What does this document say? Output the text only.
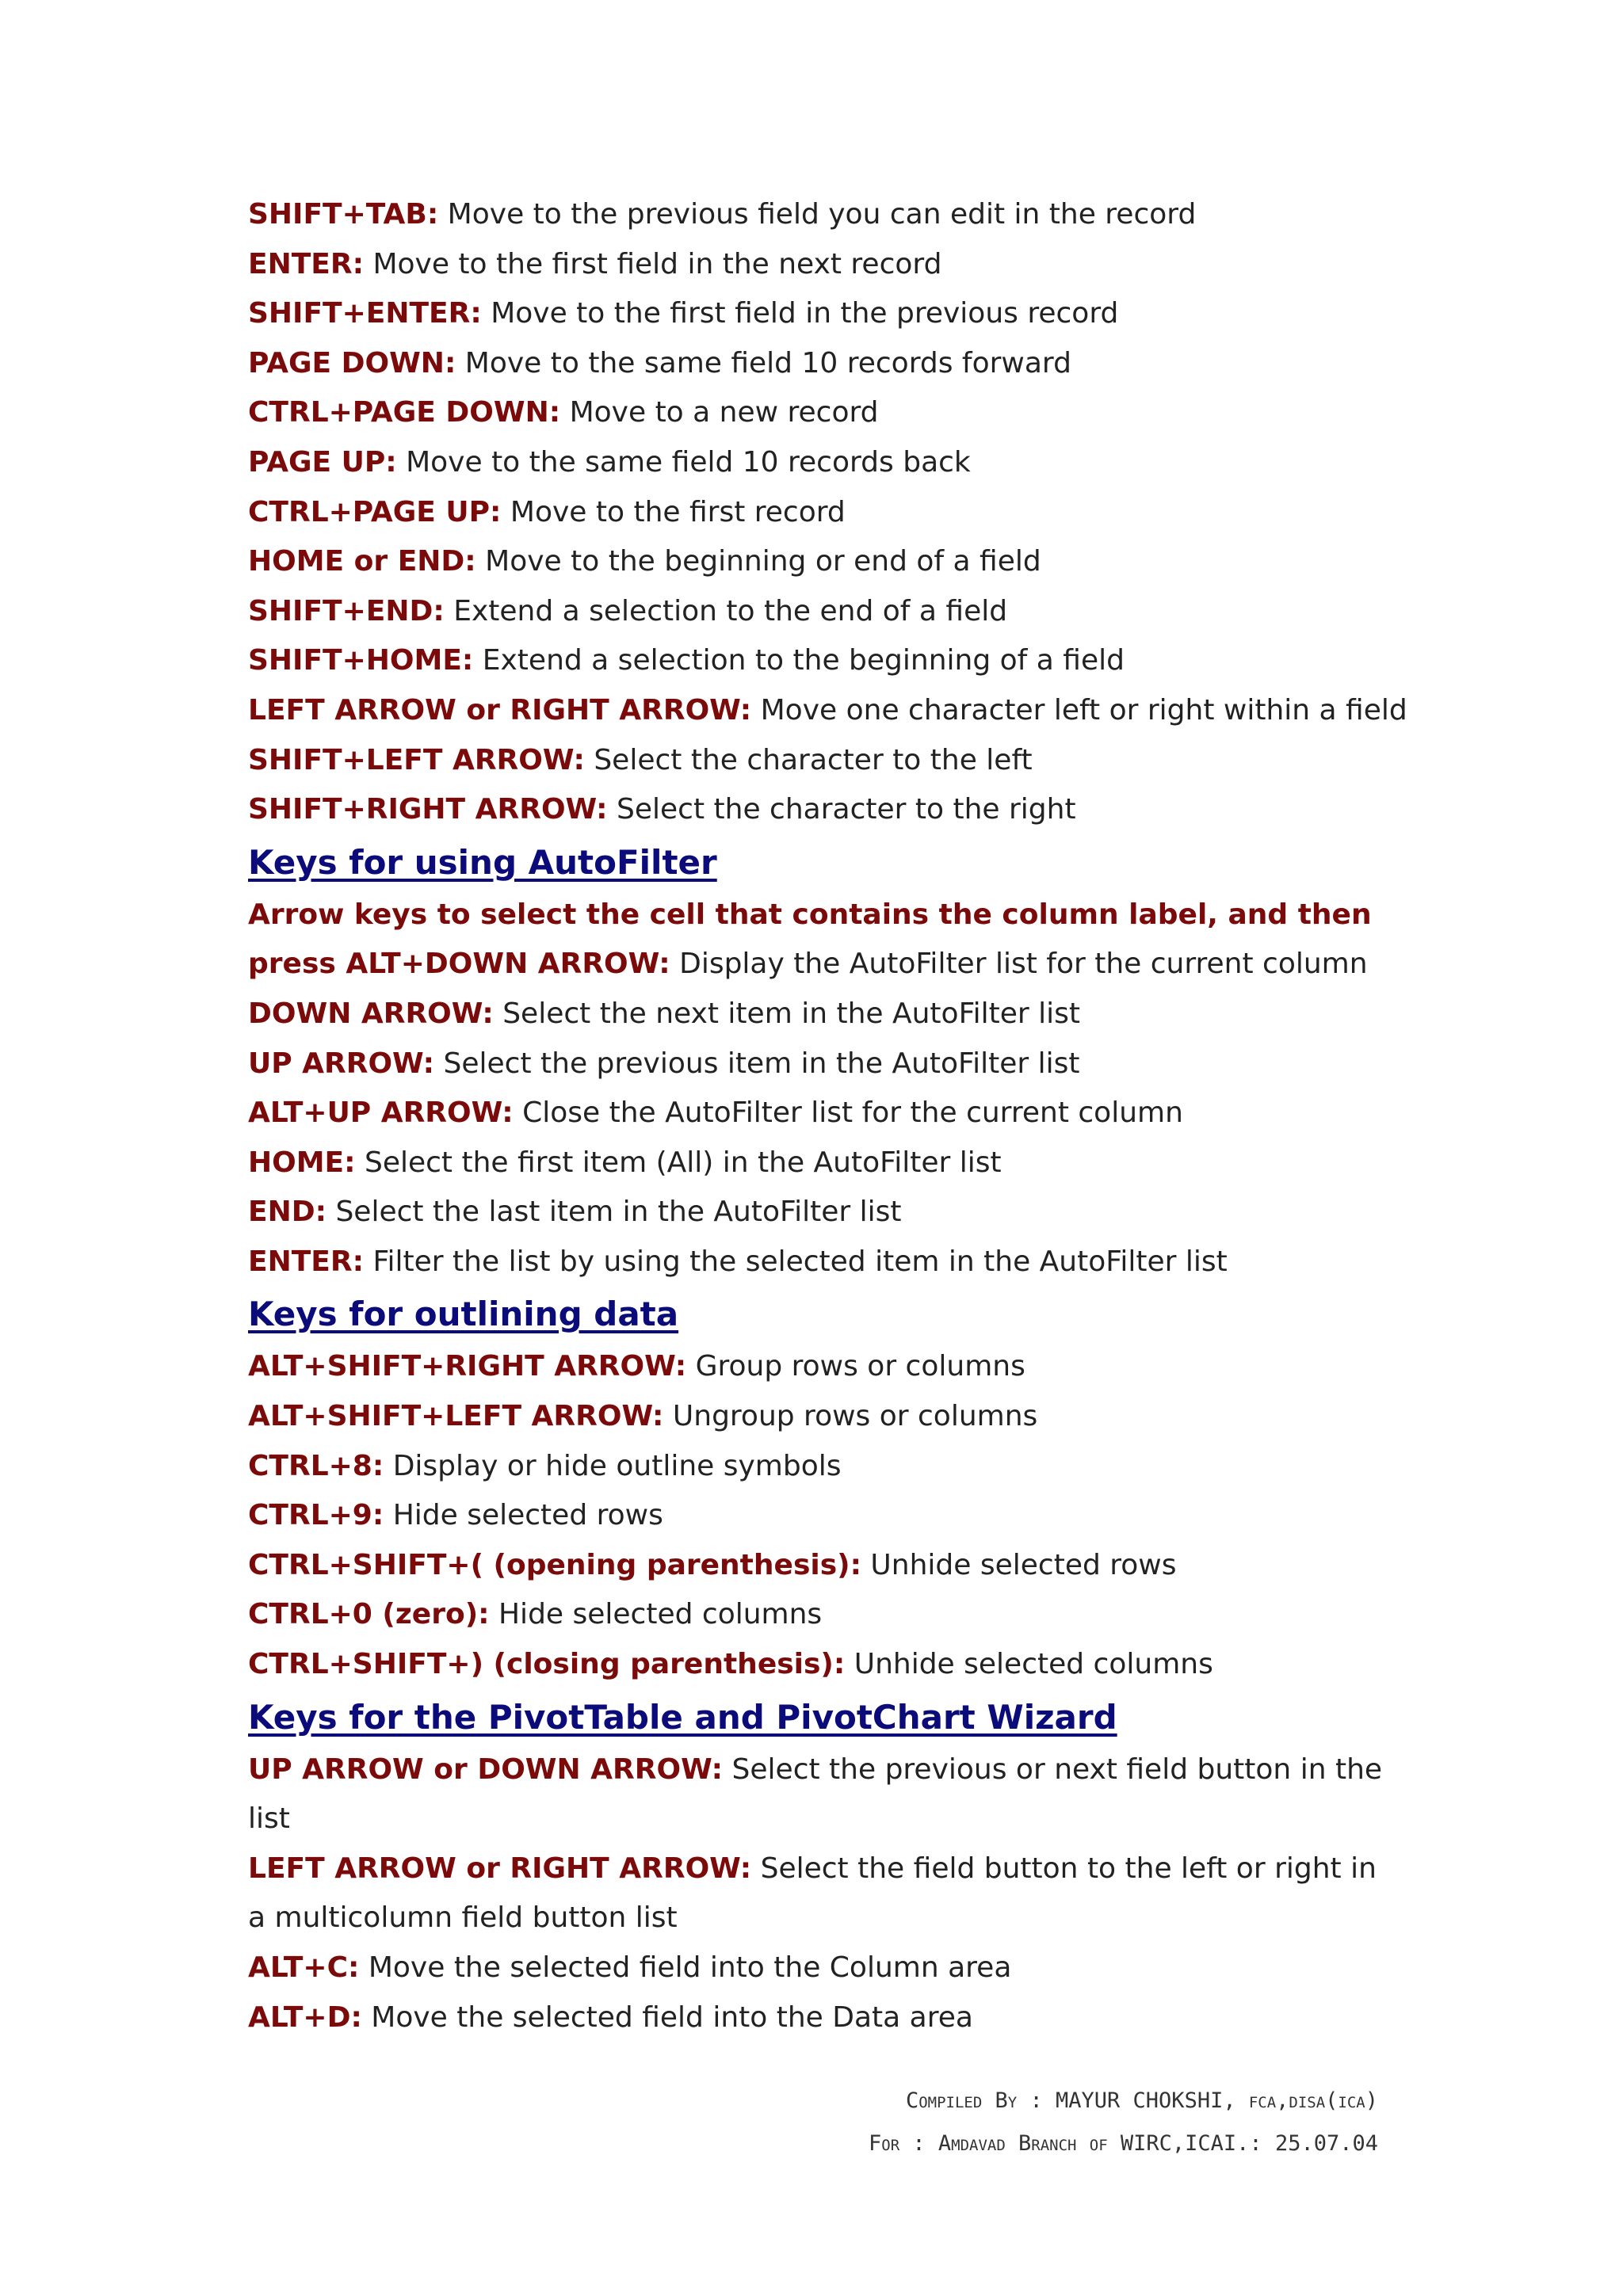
SHIFT+TAB: Move to the previous field you can edit in the record
ENTER: Move to the first field in the next record
SHIFT+ENTER: Move to the first field in the previous record
PAGE DOWN: Move to the same field 10 records forward
CTRL+PAGE DOWN: Move to a new record
PAGE UP: Move to the same field 10 records back
CTRL+PAGE UP: Move to the first record
HOME or END: Move to the beginning or end of a field
SHIFT+END: Extend a selection to the end of a field
SHIFT+HOME: Extend a selection to the beginning of a field
LEFT ARROW or RIGHT ARROW: Move one character left or right within a field
SHIFT+LEFT ARROW: Select the character to the left
SHIFT+RIGHT ARROW: Select the character to the right
Keys for using AutoFilter
Arrow keys to select the cell that contains the column label, and then press ALT+DOWN ARROW: Display the AutoFilter list for the current column
DOWN ARROW: Select the next item in the AutoFilter list
UP ARROW: Select the previous item in the AutoFilter list
ALT+UP ARROW: Close the AutoFilter list for the current column
HOME: Select the first item (All) in the AutoFilter list
END: Select the last item in the AutoFilter list
ENTER: Filter the list by using the selected item in the AutoFilter list
Keys for outlining data
ALT+SHIFT+RIGHT ARROW: Group rows or columns
ALT+SHIFT+LEFT ARROW: Ungroup rows or columns
CTRL+8: Display or hide outline symbols
CTRL+9: Hide selected rows
CTRL+SHIFT+( (opening parenthesis): Unhide selected rows
CTRL+0 (zero): Hide selected columns
CTRL+SHIFT+) (closing parenthesis): Unhide selected columns
Keys for the PivotTable and PivotChart Wizard
UP ARROW or DOWN ARROW: Select the previous or next field button in the list
LEFT ARROW or RIGHT ARROW: Select the field button to the left or right in a multicolumn field button list
ALT+C: Move the selected field into the Column area
ALT+D: Move the selected field into the Data area
Compiled By : MAYUR CHOKSHI, fca,disa(ica)
For : Amdavad Branch of WIRC,ICAI.: 25.07.04
